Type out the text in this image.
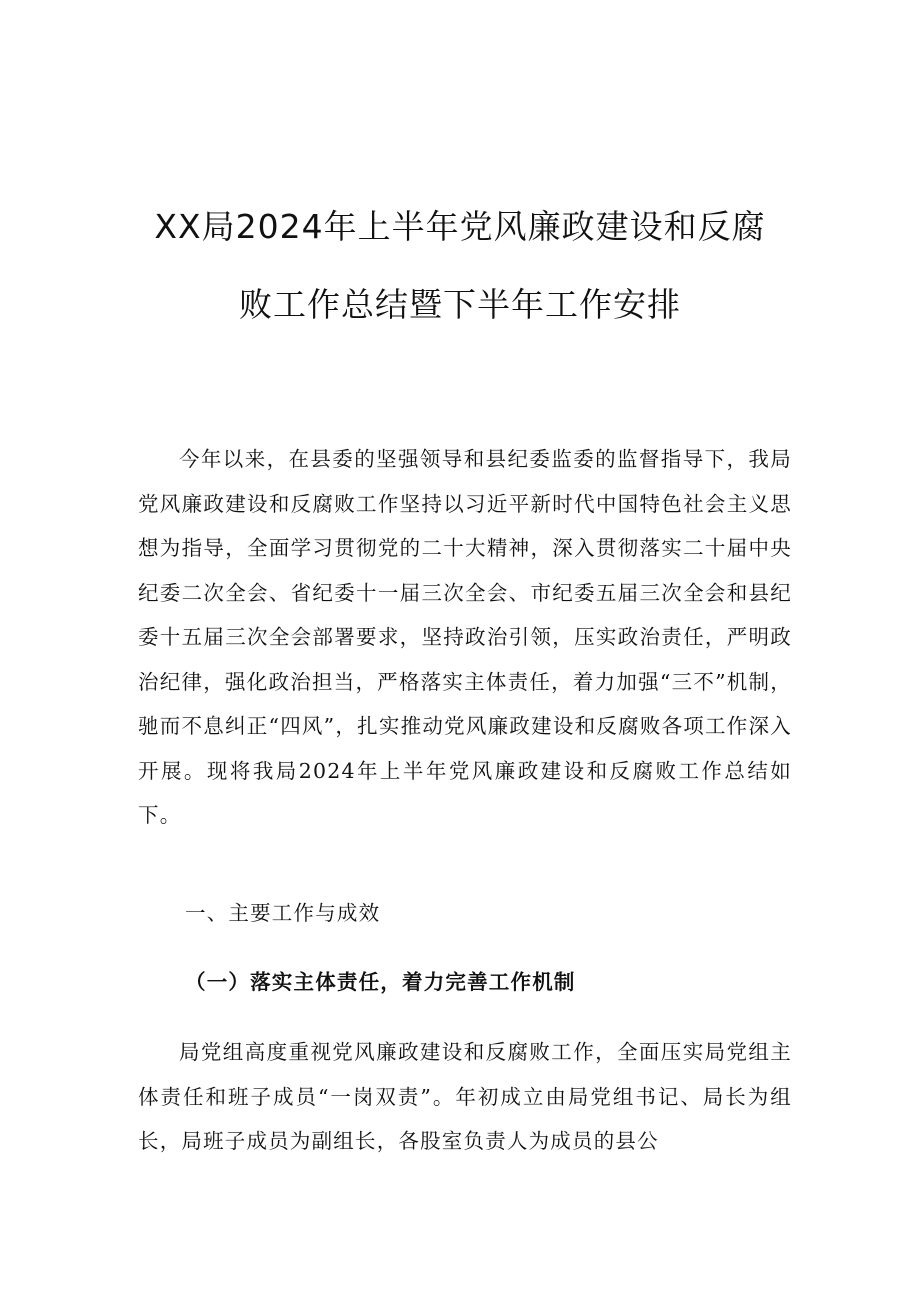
XX局2024年上半年党风廉政建设和反腐
败工作总结暨下半年工作安排

今年以来，在县委的坚强领导和县纪委监委的监督指导下，我局党风廉政建设和反腐败工作坚持以习近平新时代中国特色社会主义思想为指导，全面学习贯彻党的二十大精神，深入贯彻落实二十届中央纪委二次全会、省纪委十一届三次全会、市纪委五届三次全会和县纪委十五届三次全会部署要求，坚持政治引领，压实政治责任，严明政治纪律，强化政治担当，严格落实主体责任，着力加强“三不”机制，驰而不息纠正“四风”，扎实推动党风廉政建设和反腐败各项工作深入开展。现将我局2024年上半年党风廉政建设和反腐败工作总结如下。

一、主要工作与成效

（一）落实主体责任，着力完善工作机制

局党组高度重视党风廉政建设和反腐败工作，全面压实局党组主体责任和班子成员“一岗双责”。年初成立由局党组书记、局长为组长，局班子成员为副组长，各股室负责人为成员的县公
